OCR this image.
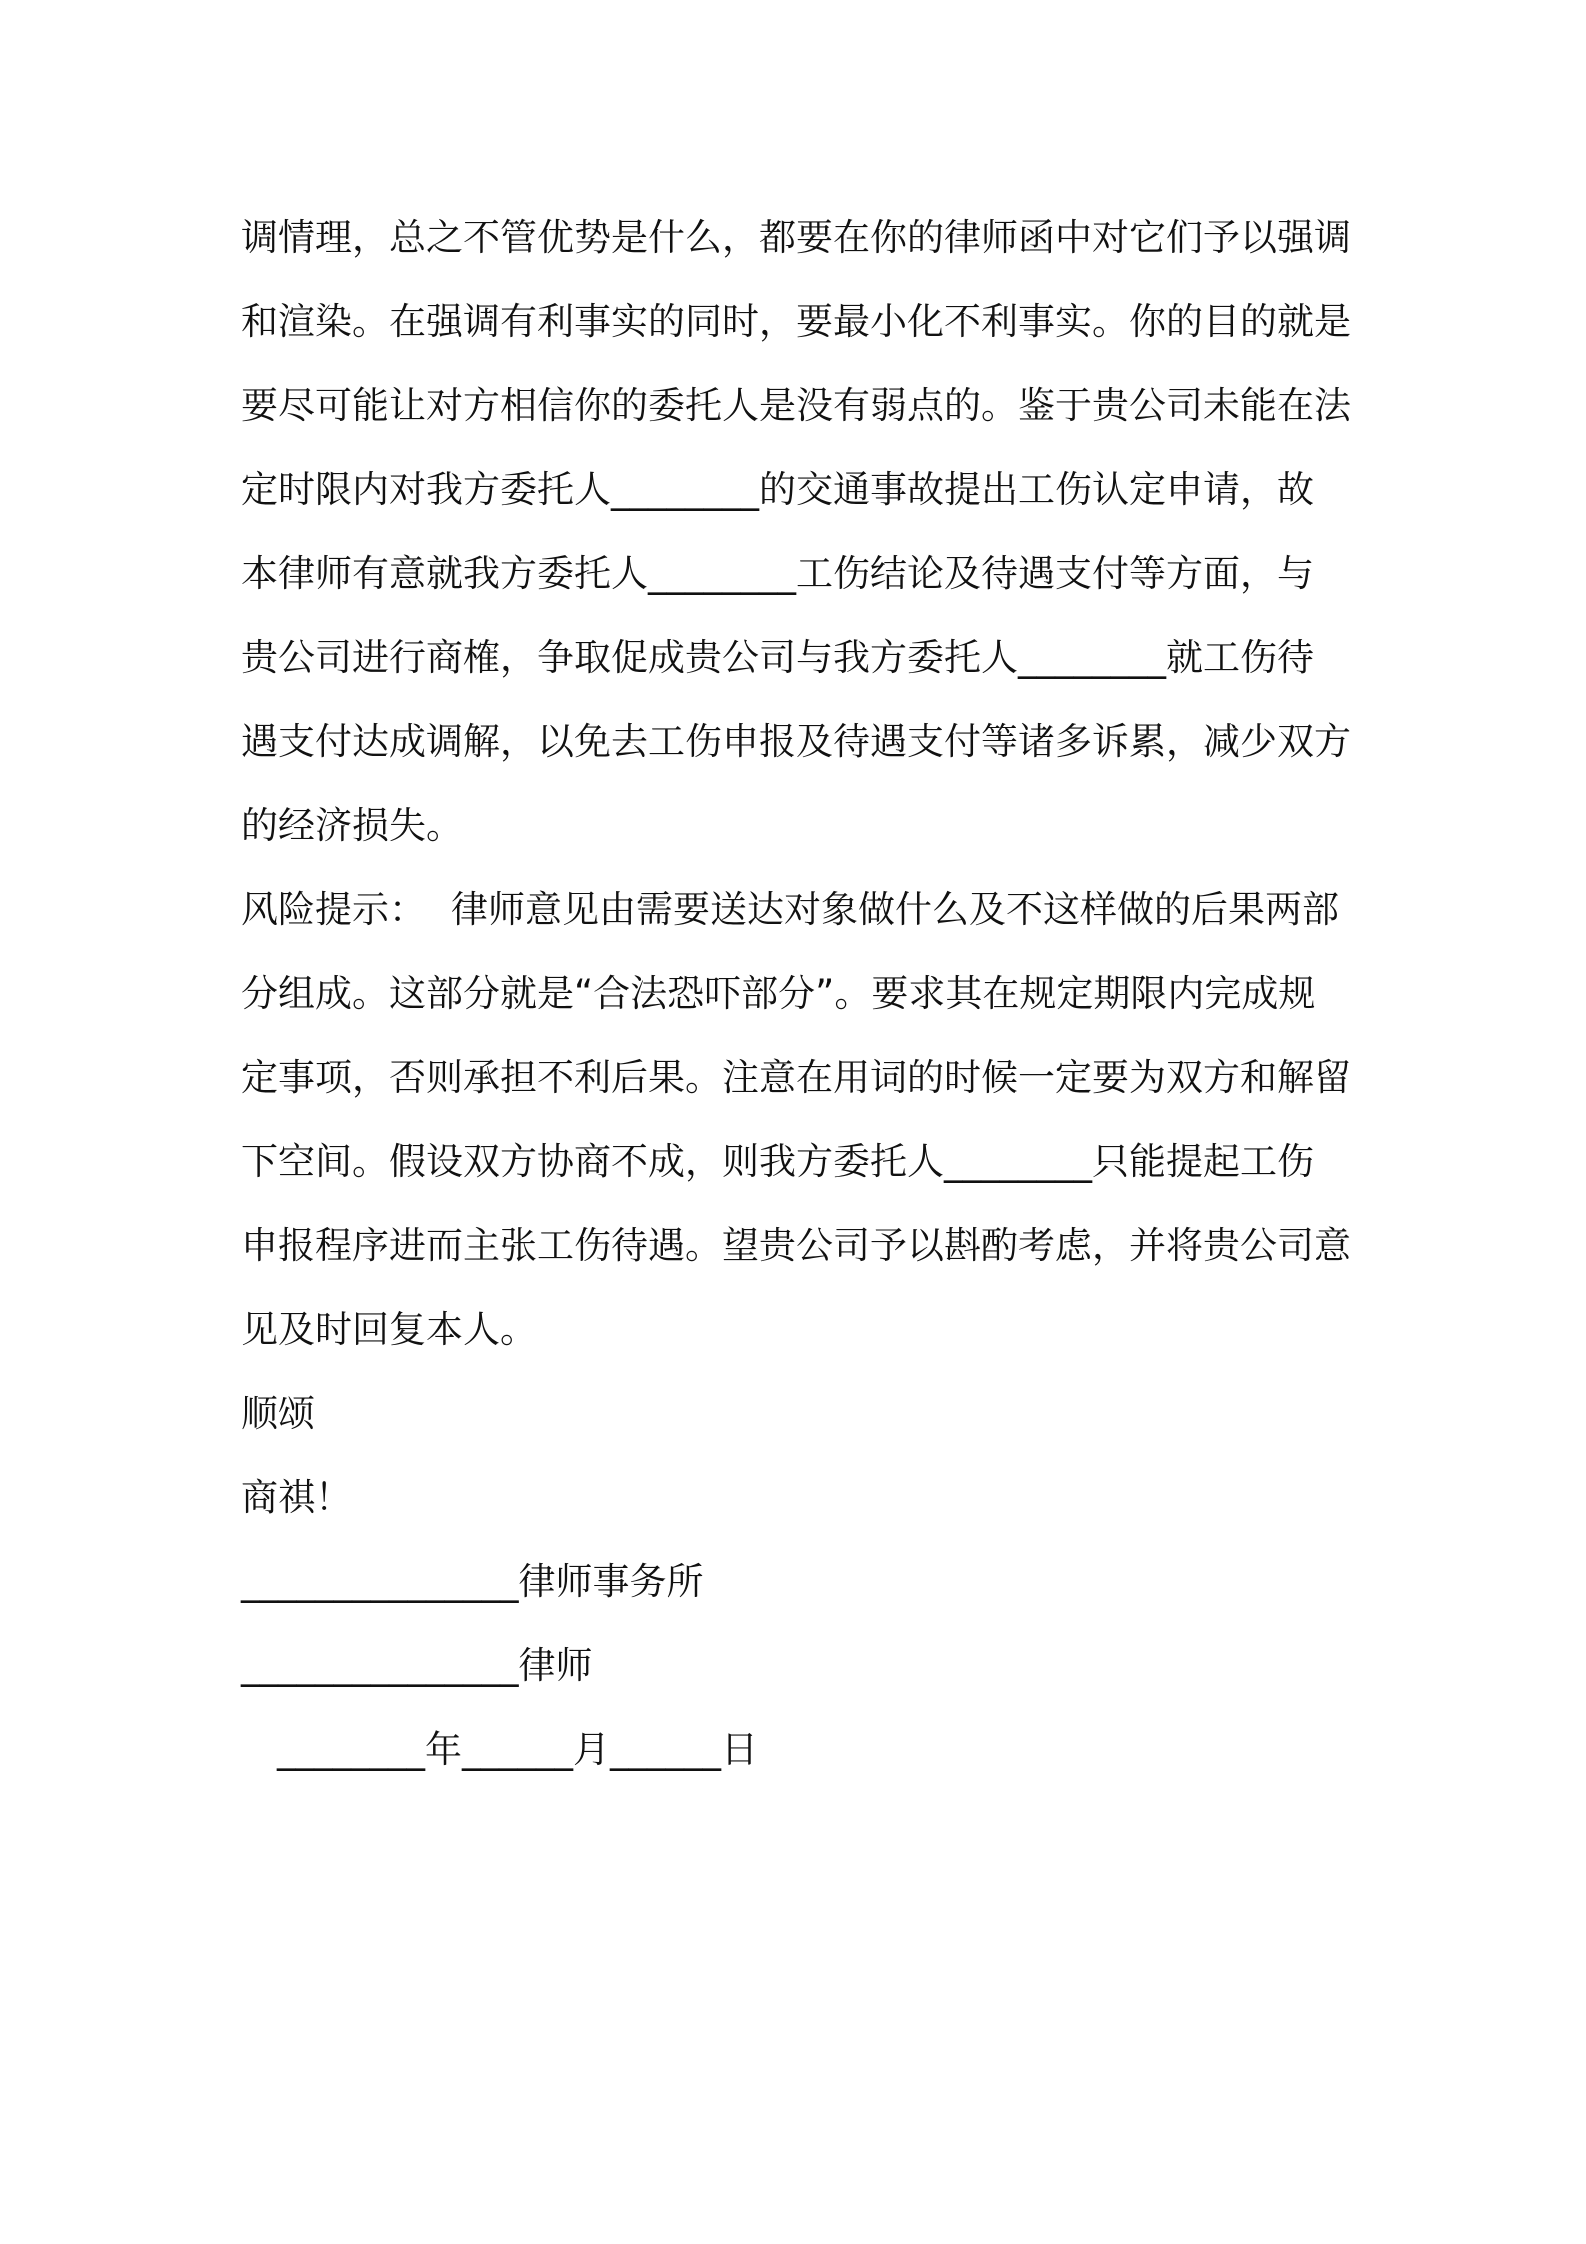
调情理，总之不管优势是什么，都要在你的律师函中对它们予以强调
和渲染。在强调有利事实的同时，要最小化不利事实。你的目的就是
要尽可能让对方相信你的委托人是没有弱点的。鉴于贵公司未能在法
定时限内对我方委托人________的交通事故提出工伤认定申请，故
本律师有意就我方委托人________工伤结论及待遇支付等方面，与
贵公司进行商榷，争取促成贵公司与我方委托人________就工伤待
遇支付达成调解，以免去工伤申报及待遇支付等诸多诉累，减少双方
的经济损失。
风险提示： 律师意见由需要送达对象做什么及不这样做的后果两部
分组成。这部分就是“合法恐吓部分”。要求其在规定期限内完成规
定事项，否则承担不利后果。注意在用词的时候一定要为双方和解留
下空间。假设双方协商不成，则我方委托人________只能提起工伤
申报程序进而主张工伤待遇。望贵公司予以斟酌考虑，并将贵公司意
见及时回复本人。
顺颂
商祺！
_______________律师事务所
_______________律师
________年______月______日
